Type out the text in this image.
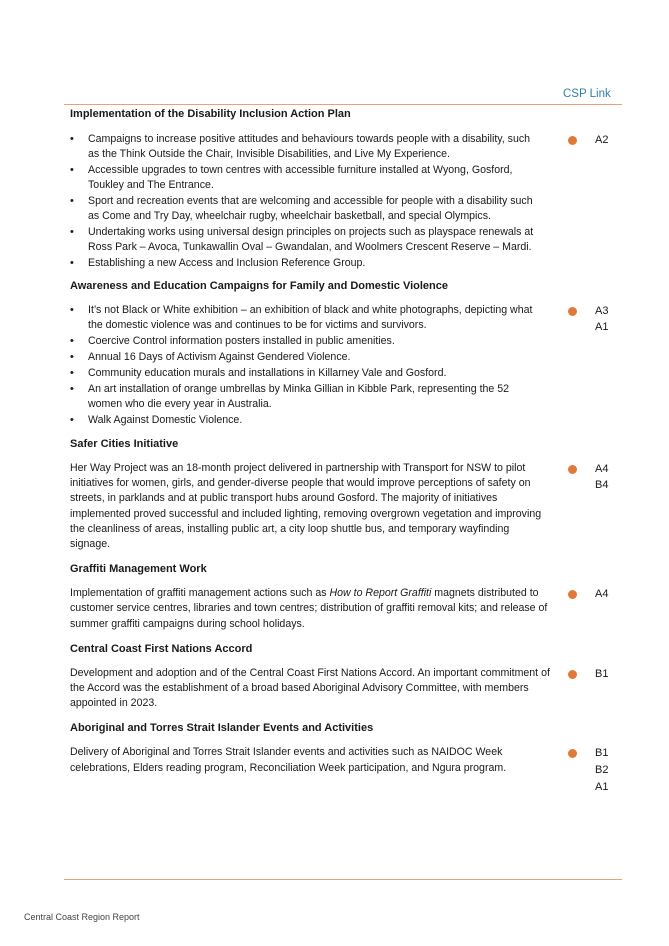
CSP Link
Implementation of the Disability Inclusion Action Plan
• Campaigns to increase positive attitudes and behaviours towards people with a disability, such as the Think Outside the Chair, Invisible Disabilities, and Live My Experience.
• Accessible upgrades to town centres with accessible furniture installed at Wyong, Gosford, Toukley and The Entrance.
• Sport and recreation events that are welcoming and accessible for people with a disability such as Come and Try Day, wheelchair rugby, wheelchair basketball, and special Olympics.
• Undertaking works using universal design principles on projects such as playspace renewals at Ross Park – Avoca, Tunkawallin Oval – Gwandalan, and Woolmers Crescent Reserve – Mardi.
• Establishing a new Access and Inclusion Reference Group.
A2
Awareness and Education Campaigns for Family and Domestic Violence
• It’s not Black or White exhibition – an exhibition of black and white photographs, depicting what the domestic violence was and continues to be for victims and survivors.
• Coercive Control information posters installed in public amenities.
• Annual 16 Days of Activism Against Gendered Violence.
• Community education murals and installations in Killarney Vale and Gosford.
• An art installation of orange umbrellas by Minka Gillian in Kibble Park, representing the 52 women who die every year in Australia.
• Walk Against Domestic Violence.
A3
A1
Safer Cities Initiative

Her Way Project was an 18-month project delivered in partnership with Transport for NSW to pilot initiatives for women, girls, and gender-diverse people that would improve perceptions of safety on streets, in parklands and at public transport hubs around Gosford. The majority of initiatives implemented proved successful and included lighting, removing overgrown vegetation and improving the cleanliness of areas, installing public art, a city loop shuttle bus, and temporary wayfinding signage.

A4
B4
Graffiti Management Work

Implementation of graffiti management actions such as How to Report Graffiti magnets distributed to customer service centres, libraries and town centres; distribution of graffiti removal kits; and release of summer graffiti campaigns during school holidays.

A4
Central Coast First Nations Accord

Development and adoption and of the Central Coast First Nations Accord. An important commitment of the Accord was the establishment of a broad based Aboriginal Advisory Committee, with members appointed in 2023.

B1
Aboriginal and Torres Strait Islander Events and Activities

Delivery of Aboriginal and Torres Strait Islander events and activities such as NAIDOC Week celebrations, Elders reading program, Reconciliation Week participation, and Ngura program.

B1
B2
A1
Central Coast Region Report
